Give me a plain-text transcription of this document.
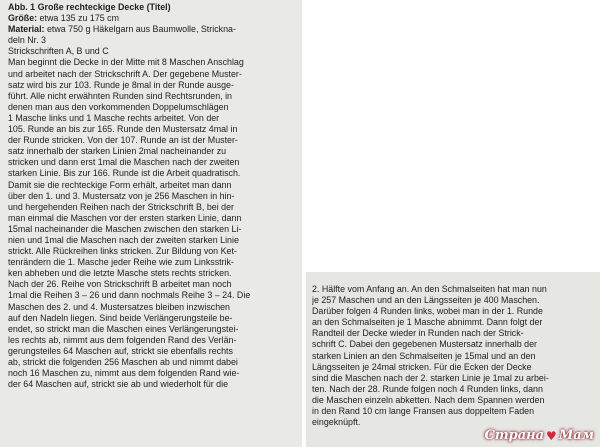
Abb. 1 Große rechteckige Decke (Titel)
Größe: etwa 135 zu 175 cm
Material: etwa 750 g Häkelgarn aus Baumwolle, Stricknа-
deln Nr. 3
Strickschriften A, B und C
Man beginnt die Decke in der Mitte mit 8 Maschen Anschlag
und arbeitet nach der Strickschrift A. Der gegebene Muster-
satz wird bis zur 103. Runde je 8mal in der Runde ausge-
führt. Alle nicht erwähnten Runden sind Rechtsrunden, in
denen man aus den vorkommenden Doppelumschlägen
1 Masche links und 1 Masche rechts arbeitet. Von der
105. Runde an bis zur 165. Runde den Mustersatz 4mal in
der Runde stricken. Von der 107. Runde an ist der Muster-
satz innerhalb der starken Linien 2mal nacheinander zu
stricken und dann erst 1mal die Maschen nach der zweiten
starken Linie. Bis zur 166. Runde ist die Arbeit quadratisch.
Damit sie die rechteckige Form erhält, arbeitet man dann
über den 1. und 3. Mustersatz von je 256 Maschen in hin-
und hergehenden Reihen nach der Strickschrift B, bei der
man einmal die Maschen vor der ersten starken Linie, dann
15mal nacheinander die Maschen zwischen den starken Li-
nien und 1mal die Maschen nach der zweiten starken Linie
strickt. Alle Rückreihen links stricken. Zur Bildung von Ket-
tenrändern die 1. Masche jeder Reihe wie zum Linksstrik-
ken abheben und die letzte Masche stets rechts stricken.
Nach der 26. Reihe von Strickschrift B arbeitet man noch
1mal die Reihen 3 – 26 und dann nochmals Reihe 3 – 24. Die
Maschen des 2. und 4. Mustersatzes bleiben inzwischen
auf den Nadeln liegen. Sind beide Verlängerungsteile be-
endet, so strickt man die Maschen eines Verlängerungstei-
les rechts ab, nimmt aus dem folgenden Rand des Verlän-
gerungsteiles 64 Maschen auf, strickt sie ebenfalls rechts
ab, strickt die folgenden 256 Maschen ab und nimmt dabei
noch 16 Maschen zu, nimmt aus dem folgenden Rand wie-
der 64 Maschen auf, strickt sie ab und wiederholt für die
2. Hälfte vom Anfang an. An den Schmalseiten hat man nun
je 257 Maschen und an den Längsseiten je 400 Maschen.
Darüber folgen 4 Runden links, wobei man in der 1. Runde
an den Schmalseiten je 1 Masche abnimmt. Dann folgt der
Randteil der Decke wieder in Runden nach der Strick-
schrift C. Dabei den gegebenen Mustersatz innerhalb der
starken Linien an den Schmalseiten je 15mal und an den
Längsseiten je 24mal stricken. Für die Ecken der Decke
sind die Maschen nach der 2. starken Linie je 1mal zu arbei-
ten. Nach der 28. Runde folgen noch 4 Runden links, dann
die Maschen einzeln abketten. Nach dem Spannen werden
in den Rand 10 cm lange Fransen aus doppeltem Faden
eingeknüpft.
Страна ♥ Мам
